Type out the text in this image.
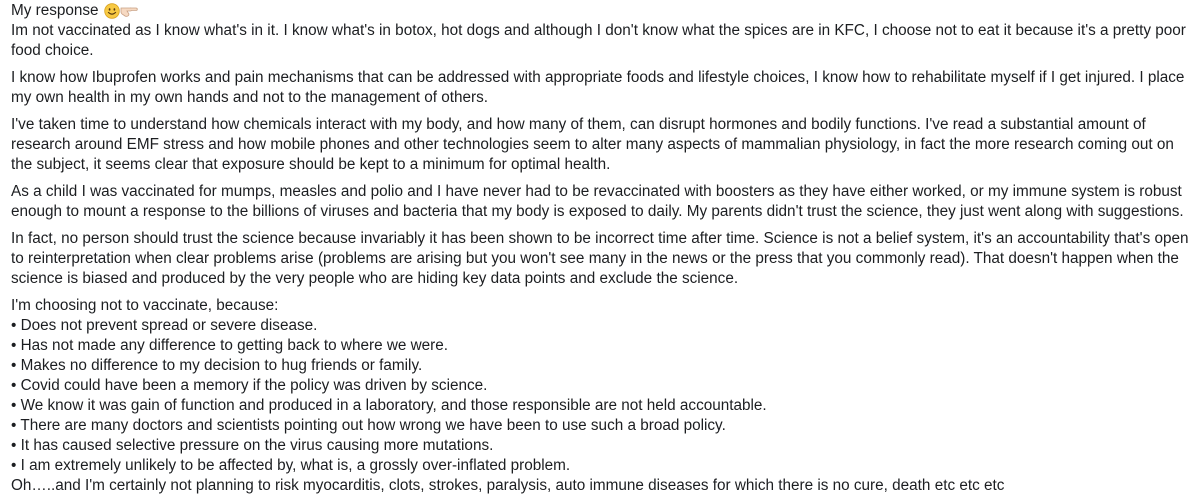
My response

Im not vaccinated as I know what's in it. I know what's in botox, hot dogs and although I don't know what the spices are in KFC, I choose not to eat it because it's a pretty poor food choice.

I know how Ibuprofen works and pain mechanisms that can be addressed with appropriate foods and lifestyle choices, I know how to rehabilitate myself if I get injured. I place my own health in my own hands and not to the management of others.

I've taken time to understand how chemicals interact with my body, and how many of them, can disrupt hormones and bodily functions. I've read a substantial amount of research around EMF stress and how mobile phones and other technologies seem to alter many aspects of mammalian physiology, in fact the more research coming out on the subject, it seems clear that exposure should be kept to a minimum for optimal health.

As a child I was vaccinated for mumps, measles and polio and I have never had to be revaccinated with boosters as they have either worked, or my immune system is robust enough to mount a response to the billions of viruses and bacteria that my body is exposed to daily. My parents didn't trust the science, they just went along with suggestions.

In fact, no person should trust the science because invariably it has been shown to be incorrect time after time. Science is not a belief system, it's an accountability that's open to reinterpretation when clear problems arise (problems are arising but you won't see many in the news or the press that you commonly read). That doesn't happen when the science is biased and produced by the very people who are hiding key data points and exclude the science.

I'm choosing not to vaccinate, because:
• Does not prevent spread or severe disease.
• Has not made any difference to getting back to where we were.
• Makes no difference to my decision to hug friends or family.
• Covid could have been a memory if the policy was driven by science.
• We know it was gain of function and produced in a laboratory, and those responsible are not held accountable.
• There are many doctors and scientists pointing out how wrong we have been to use such a broad policy.
• It has caused selective pressure on the virus causing more mutations.
• I am extremely unlikely to be affected by, what is, a grossly over-inflated problem.
Oh…..and I'm certainly not planning to risk myocarditis, clots, strokes, paralysis, auto immune diseases for which there is no cure, death etc etc etc
